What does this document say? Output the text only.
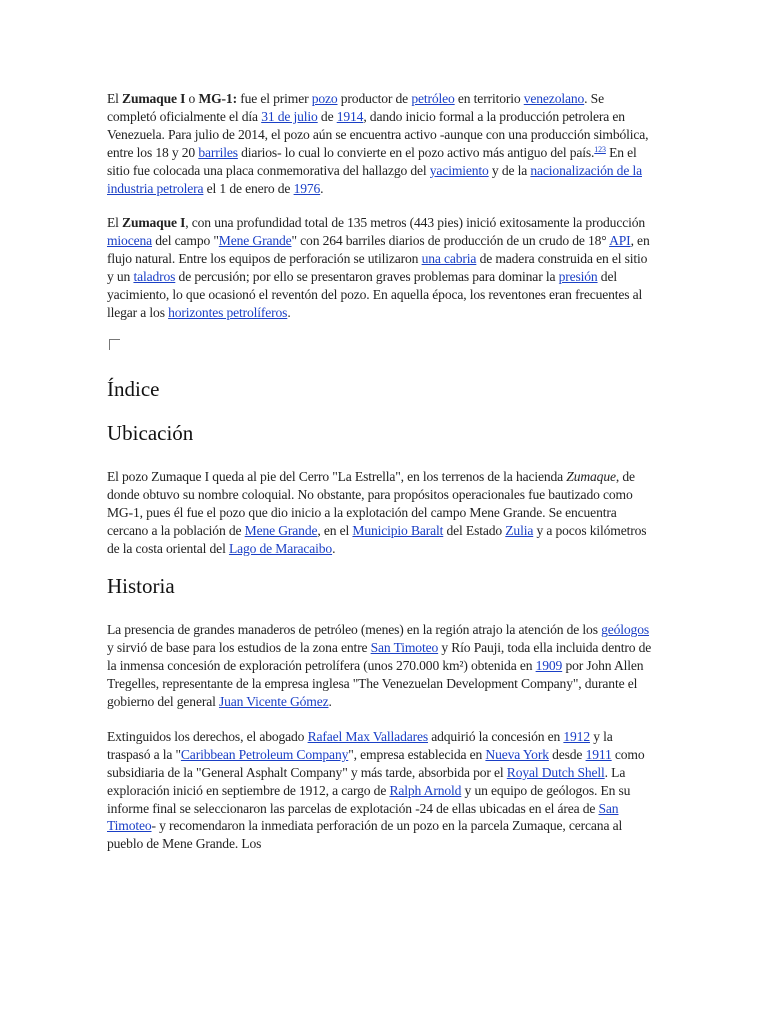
El Zumaque I o MG-1: fue el primer pozo productor de petróleo en territorio venezolano. Se completó oficialmente el día 31 de julio de 1914, dando inicio formal a la producción petrolera en Venezuela. Para julio de 2014, el pozo aún se encuentra activo -aunque con una producción simbólica, entre los 18 y 20 barriles diarios- lo cual lo convierte en el pozo activo más antiguo del país.$^{123}$ En el sitio fue colocada una placa conmemorativa del hallazgo del yacimiento y de la nacionalización de la industria petrolera el 1 de enero de 1976.

El Zumaque I, con una profundidad total de 135 metros (443 pies) inició exitosamente la producción miocena del campo "Mene Grande" con 264 barriles diarios de producción de un crudo de 18° API, en flujo natural. Entre los equipos de perforación se utilizaron una cabria de madera construida en el sitio y un taladros de percusión; por ello se presentaron graves problemas para dominar la presión del yacimiento, lo que ocasionó el reventón del pozo. En aquella época, los reventones eran frecuentes al llegar a los horizontes petrolíferos.

Índice
Ubicación

El pozo Zumaque I queda al pie del Cerro "La Estrella", en los terrenos de la hacienda Zumaque, de donde obtuvo su nombre coloquial. No obstante, para propósitos operacionales fue bautizado como MG-1, pues él fue el pozo que dio inicio a la explotación del campo Mene Grande. Se encuentra cercano a la población de Mene Grande, en el Municipio Baralt del Estado Zulia y a pocos kilómetros de la costa oriental del Lago de Maracaibo.

Historia

La presencia de grandes manaderos de petróleo (menes) en la región atrajo la atención de los geólogos y sirvió de base para los estudios de la zona entre San Timoteo y Río Pauji, toda ella incluida dentro de la inmensa concesión de exploración petrolífera (unos 270.000 km²) obtenida en 1909 por John Allen Tregelles, representante de la empresa inglesa "The Venezuelan Development Company", durante el gobierno del general Juan Vicente Gómez.

Extinguidos los derechos, el abogado Rafael Max Valladares adquirió la concesión en 1912 y la traspasó a la "Caribbean Petroleum Company", empresa establecida en Nueva York desde 1911 como subsidiaria de la "General Asphalt Company" y más tarde, absorbida por el Royal Dutch Shell. La exploración inició en septiembre de 1912, a cargo de Ralph Arnold y un equipo de geólogos. En su informe final se seleccionaron las parcelas de explotación -24 de ellas ubicadas en el área de San Timoteo- y recomendaron la inmediata perforación de un pozo en la parcela Zumaque, cercana al pueblo de Mene Grande. Los
